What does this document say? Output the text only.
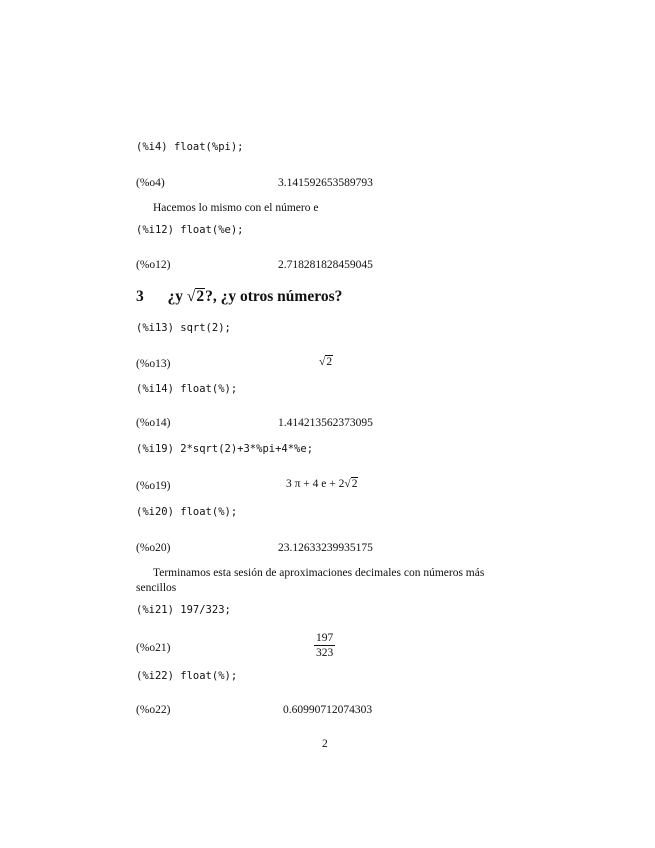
(%i4) float(%pi);
(%o4)	3.141592653589793
Hacemos lo mismo con el número e
(%i12) float(%e);
(%o12)	2.718281828459045
3 ¿y √2?, ¿y otros números?
(%i13) sqrt(2);
(%o13)	√2
(%i14) float(%);
(%o14)	1.414213562373095
(%i19) 2*sqrt(2)+3*%pi+4*%e;
(%o19)	3 π + 4 e + 2√2
(%i20) float(%);
(%o20)	23.12633239935175
Terminamos esta sesión de aproximaciones decimales con números más
sencillos
(%i21) 197/323;
(%o21)	$\frac{197}{323}$
(%i22) float(%);
(%o22)	0.60990712074303
2
